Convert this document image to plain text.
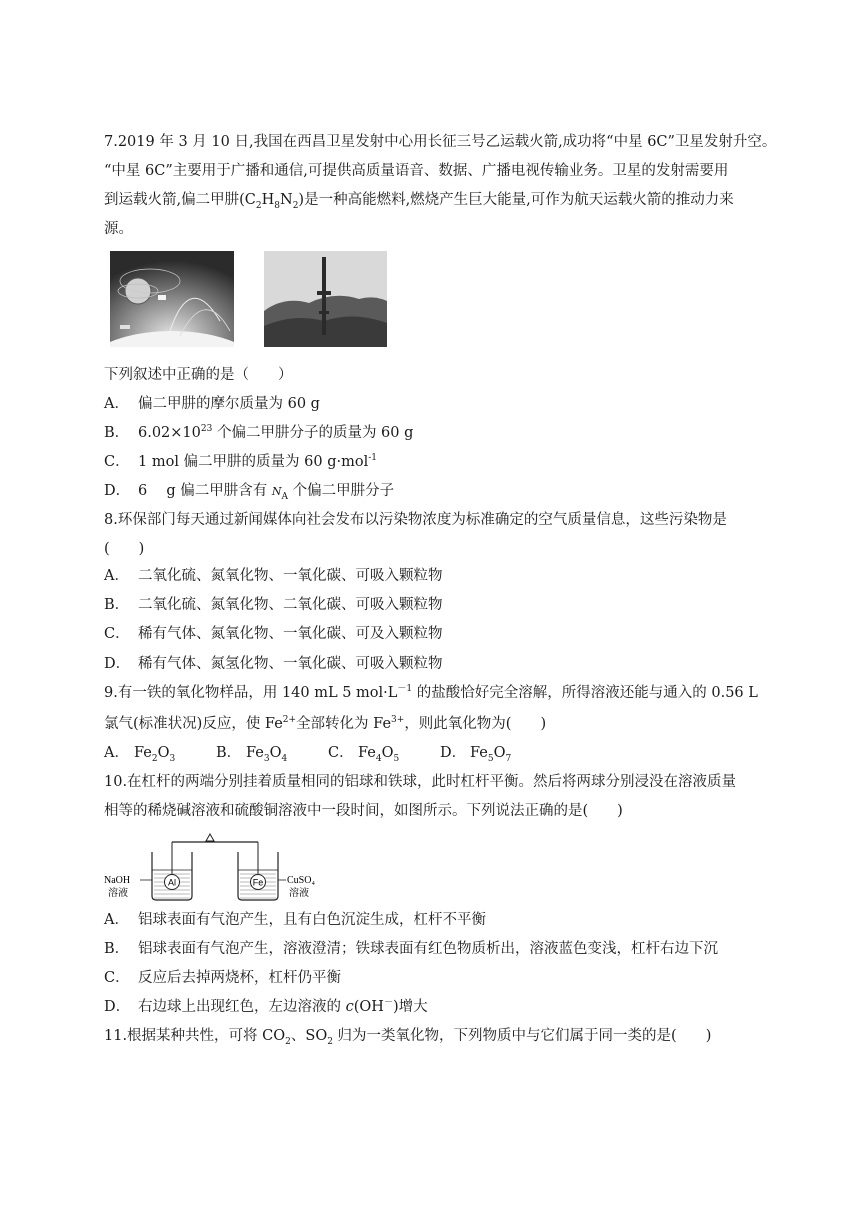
7.2019 年 3 月 10 日,我国在西昌卫星发射中心用长征三号乙运载火箭,成功将“中星 6C”卫星发射升空。
“中星 6C”主要用于广播和通信,可提供高质量语音、数据、广播电视传输业务。卫星的发射需要用
到运载火箭,偏二甲肼$(C_2H_8N_2)$是一种高能燃料,燃烧产生巨大能量,可作为航天运载火箭的推动力来
源。
下列叙述中正确的是（　　）
A． 偏二甲肼的摩尔质量为 60 g
B． $6.02\times 10^{23}$ 个偏二甲肼分子的质量为 60 g
C． 1 mol 偏二甲肼的质量为 60 g·mol$^{-1}$
D． 6　 g 偏二甲肼含有 $N_A$ 个偏二甲肼分子
8.环保部门每天通过新闻媒体向社会发布以污染物浓度为标准确定的空气质量信息，这些污染物是
(　　)
A． 二氧化硫、氮氧化物、一氧化碳、可吸入颗粒物
B． 二氧化硫、氮氧化物、二氧化碳、可吸入颗粒物
C． 稀有气体、氮氧化物、一氧化碳、可及入颗粒物
D． 稀有气体、氮氢化物、一氧化碳、可吸入颗粒物
9.有一铁的氧化物样品，用 140 mL 5 $mol\cdot L^{-1}$ 的盐酸恰好完全溶解，所得溶液还能与通入的 0.56 L
氯气(标准状况)反应，使 $Fe^{2+}$全部转化为 $Fe^{3+}$，则此氧化物为(　　)
A． $Fe_2O_3$	B． $Fe_3O_4$	C． $Fe_4O_5$	D． $Fe_5O_7$
10.在杠杆的两端分别挂着质量相同的铝球和铁球，此时杠杆平衡。然后将两球分别浸没在溶液质量
相等的稀烧碱溶液和硫酸铜溶液中一段时间，如图所示。下列说法正确的是(　　)
Al	Fe
NaOH
溶液
CuSO₄
溶液
A． 铝球表面有气泡产生，且有白色沉淀生成，杠杆不平衡
B． 铝球表面有气泡产生，溶液澄清；铁球表面有红色物质析出，溶液蓝色变浅，杠杆右边下沉
C． 反应后去掉两烧杯，杠杆仍平衡
D． 右边球上出现红色，左边溶液的 c(OH－)增大
11.根据某种共性，可将 $CO_2$、$SO_2$ 归为一类氧化物，下列物质中与它们属于同一类的是(　　)
